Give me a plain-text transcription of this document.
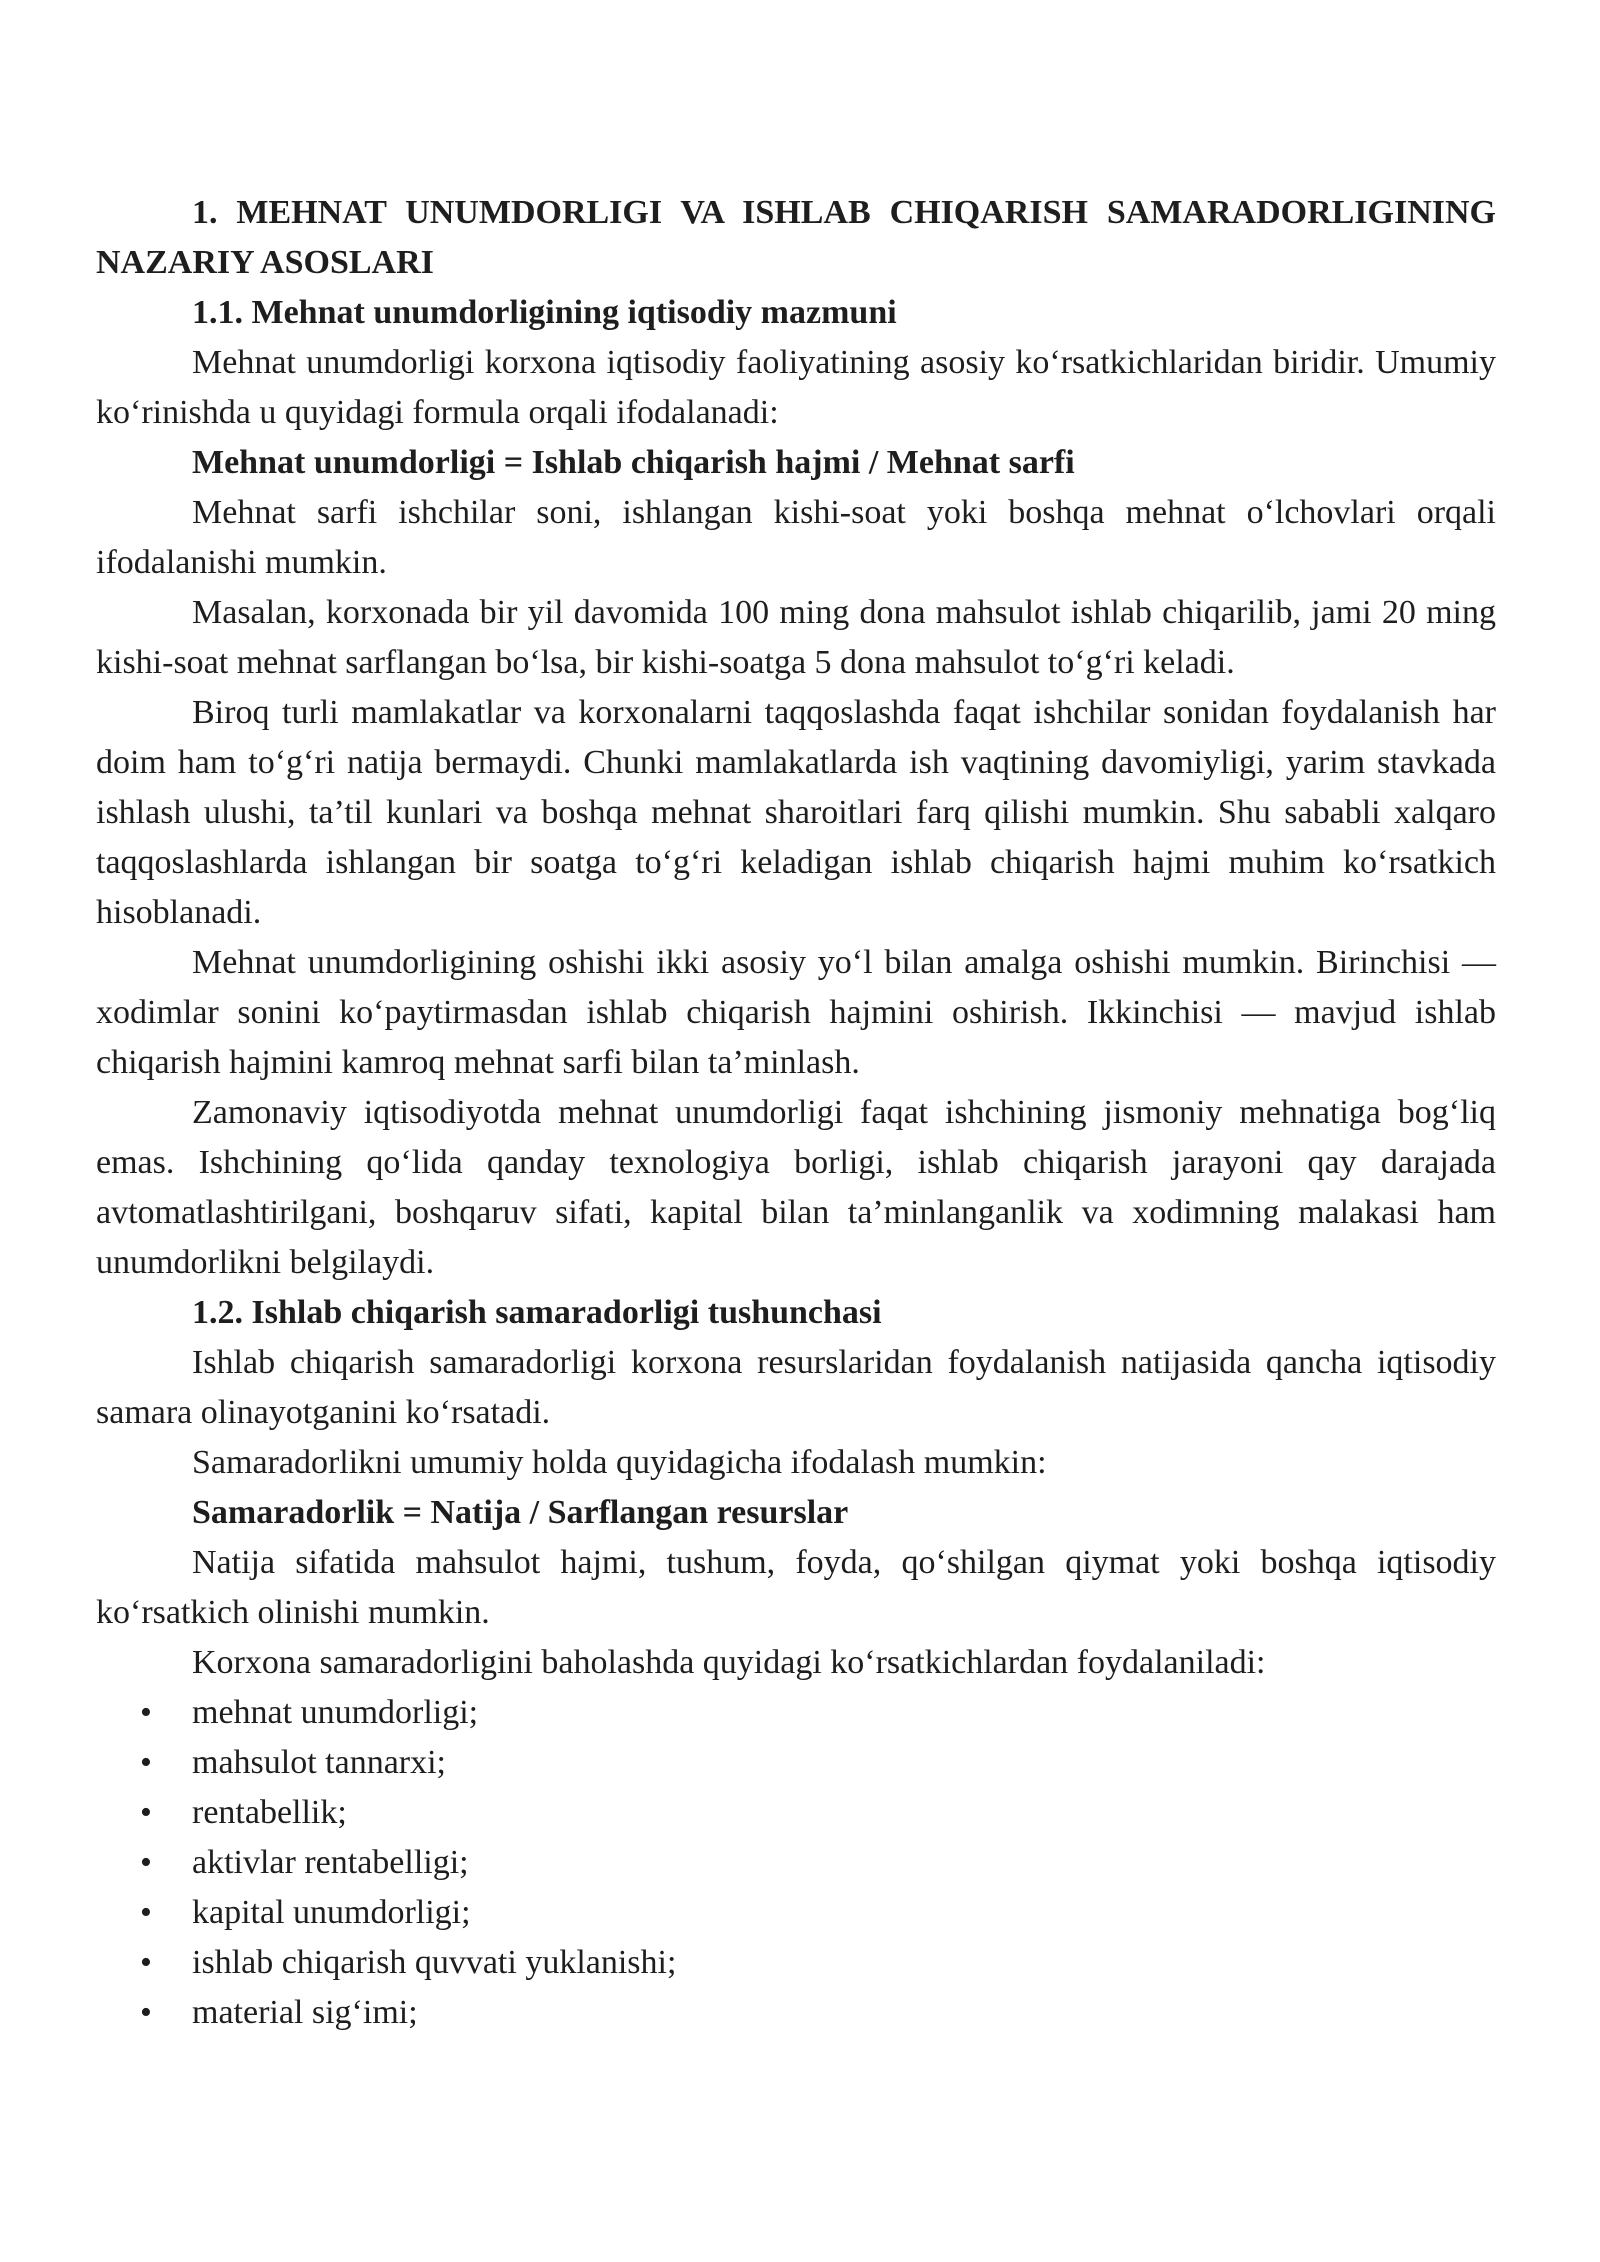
1. MEHNAT UNUMDORLIGI VA ISHLAB CHIQARISH SAMARADORLIGINING NAZARIY ASOSLARI

1.1. Mehnat unumdorligining iqtisodiy mazmuni

Mehnat unumdorligi korxona iqtisodiy faoliyatining asosiy ko‘rsatkichlaridan biridir. Umumiy ko‘rinishda u quyidagi formula orqali ifodalanadi:

Mehnat unumdorligi = Ishlab chiqarish hajmi / Mehnat sarfi

Mehnat sarfi ishchilar soni, ishlangan kishi-soat yoki boshqa mehnat o‘lchovlari orqali ifodalanishi mumkin.

Masalan, korxonada bir yil davomida 100 ming dona mahsulot ishlab chiqarilib, jami 20 ming kishi-soat mehnat sarflangan bo‘lsa, bir kishi-soatga 5 dona mahsulot to‘g‘ri keladi.

Biroq turli mamlakatlar va korxonalarni taqqoslashda faqat ishchilar sonidan foydalanish har doim ham to‘g‘ri natija bermaydi. Chunki mamlakatlarda ish vaqtining davomiyligi, yarim stavkada ishlash ulushi, ta’til kunlari va boshqa mehnat sharoitlari farq qilishi mumkin. Shu sababli xalqaro taqqoslashlarda ishlangan bir soatga to‘g‘ri keladigan ishlab chiqarish hajmi muhim ko‘rsatkich hisoblanadi.

Mehnat unumdorligining oshishi ikki asosiy yo‘l bilan amalga oshishi mumkin. Birinchisi — xodimlar sonini ko‘paytirmasdan ishlab chiqarish hajmini oshirish. Ikkinchisi — mavjud ishlab chiqarish hajmini kamroq mehnat sarfi bilan ta’minlash.

Zamonaviy iqtisodiyotda mehnat unumdorligi faqat ishchining jismoniy mehnatiga bog‘liq emas. Ishchining qo‘lida qanday texnologiya borligi, ishlab chiqarish jarayoni qay darajada avtomatlashtirilgani, boshqaruv sifati, kapital bilan ta’minlanganlik va xodimning malakasi ham unumdorlikni belgilaydi.

1.2. Ishlab chiqarish samaradorligi tushunchasi

Ishlab chiqarish samaradorligi korxona resurslaridan foydalanish natijasida qancha iqtisodiy samara olinayotganini ko‘rsatadi.

Samaradorlikni umumiy holda quyidagicha ifodalash mumkin:

Samaradorlik = Natija / Sarflangan resurslar

Natija sifatida mahsulot hajmi, tushum, foyda, qo‘shilgan qiymat yoki boshqa iqtisodiy ko‘rsatkich olinishi mumkin.

Korxona samaradorligini baholashda quyidagi ko‘rsatkichlardan foydalaniladi:

• mehnat unumdorligi;
• mahsulot tannarxi;
• rentabellik;
• aktivlar rentabelligi;
• kapital unumdorligi;
• ishlab chiqarish quvvati yuklanishi;
• material sig‘imi;
